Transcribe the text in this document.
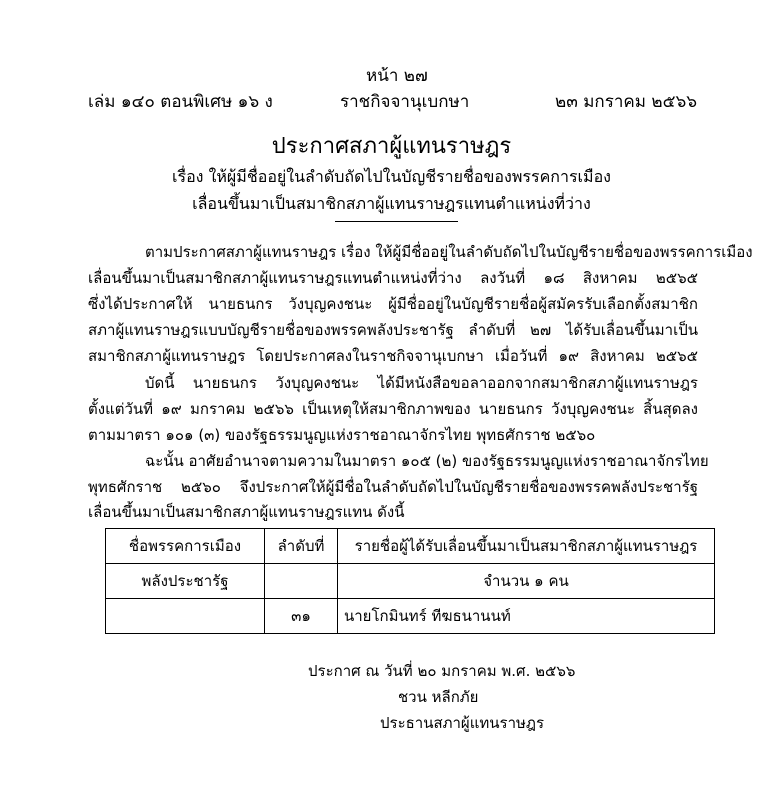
หน้า ๒๗
เล่ม ๑๔๐ ตอนพิเศษ ๑๖ ง	ราชกิจจานุเบกษา	๒๓ มกราคม ๒๕๖๖
ประกาศสภาผู้แทนราษฎร
เรื่อง ให้ผู้มีชื่ออยู่ในลำดับถัดไปในบัญชีรายชื่อของพรรคการเมือง
เลื่อนขึ้นมาเป็นสมาชิกสภาผู้แทนราษฎรแทนตำแหน่งที่ว่าง
ตามประกาศสภาผู้แทนราษฎร เรื่อง ให้ผู้มีชื่ออยู่ในลำดับถัดไปในบัญชีรายชื่อของพรรคการเมือง
เลื่อนขึ้นมาเป็นสมาชิกสภาผู้แทนราษฎรแทนตำแหน่งที่ว่าง ลงวันที่ ๑๘ สิงหาคม ๒๕๖๕
ซึ่งได้ประกาศให้ นายธนกร วังบุญคงชนะ ผู้มีชื่ออยู่ในบัญชีรายชื่อผู้สมัครรับเลือกตั้งสมาชิก
สภาผู้แทนราษฎรแบบบัญชีรายชื่อของพรรคพลังประชารัฐ ลำดับที่ ๒๗ ได้รับเลื่อนขึ้นมาเป็น
สมาชิกสภาผู้แทนราษฎร โดยประกาศลงในราชกิจจานุเบกษา เมื่อวันที่ ๑๙ สิงหาคม ๒๕๖๕
บัดนี้ นายธนกร วังบุญคงชนะ ได้มีหนังสือขอลาออกจากสมาชิกสภาผู้แทนราษฎร
ตั้งแต่วันที่ ๑๙ มกราคม ๒๕๖๖ เป็นเหตุให้สมาชิกภาพของ นายธนกร วังบุญคงชนะ สิ้นสุดลง
ตามมาตรา ๑๐๑ (๓) ของรัฐธรรมนูญแห่งราชอาณาจักรไทย พุทธศักราช ๒๕๖๐
ฉะนั้น อาศัยอำนาจตามความในมาตรา ๑๐๕ (๒) ของรัฐธรรมนูญแห่งราชอาณาจักรไทย
พุทธศักราช ๒๕๖๐ จึงประกาศให้ผู้มีชื่อในลำดับถัดไปในบัญชีรายชื่อของพรรคพลังประชารัฐ
เลื่อนขึ้นมาเป็นสมาชิกสภาผู้แทนราษฎรแทน ดังนี้
ชื่อพรรคการเมือง	ลำดับที่	รายชื่อผู้ได้รับเลื่อนขึ้นมาเป็นสมาชิกสภาผู้แทนราษฎร
พลังประชารัฐ		จำนวน ๑ คน
	๓๑	นายโกมินทร์ ทีฆธนานนท์
ประกาศ ณ วันที่ ๒๐ มกราคม พ.ศ. ๒๕๖๖
ชวน หลีกภัย
ประธานสภาผู้แทนราษฎร
